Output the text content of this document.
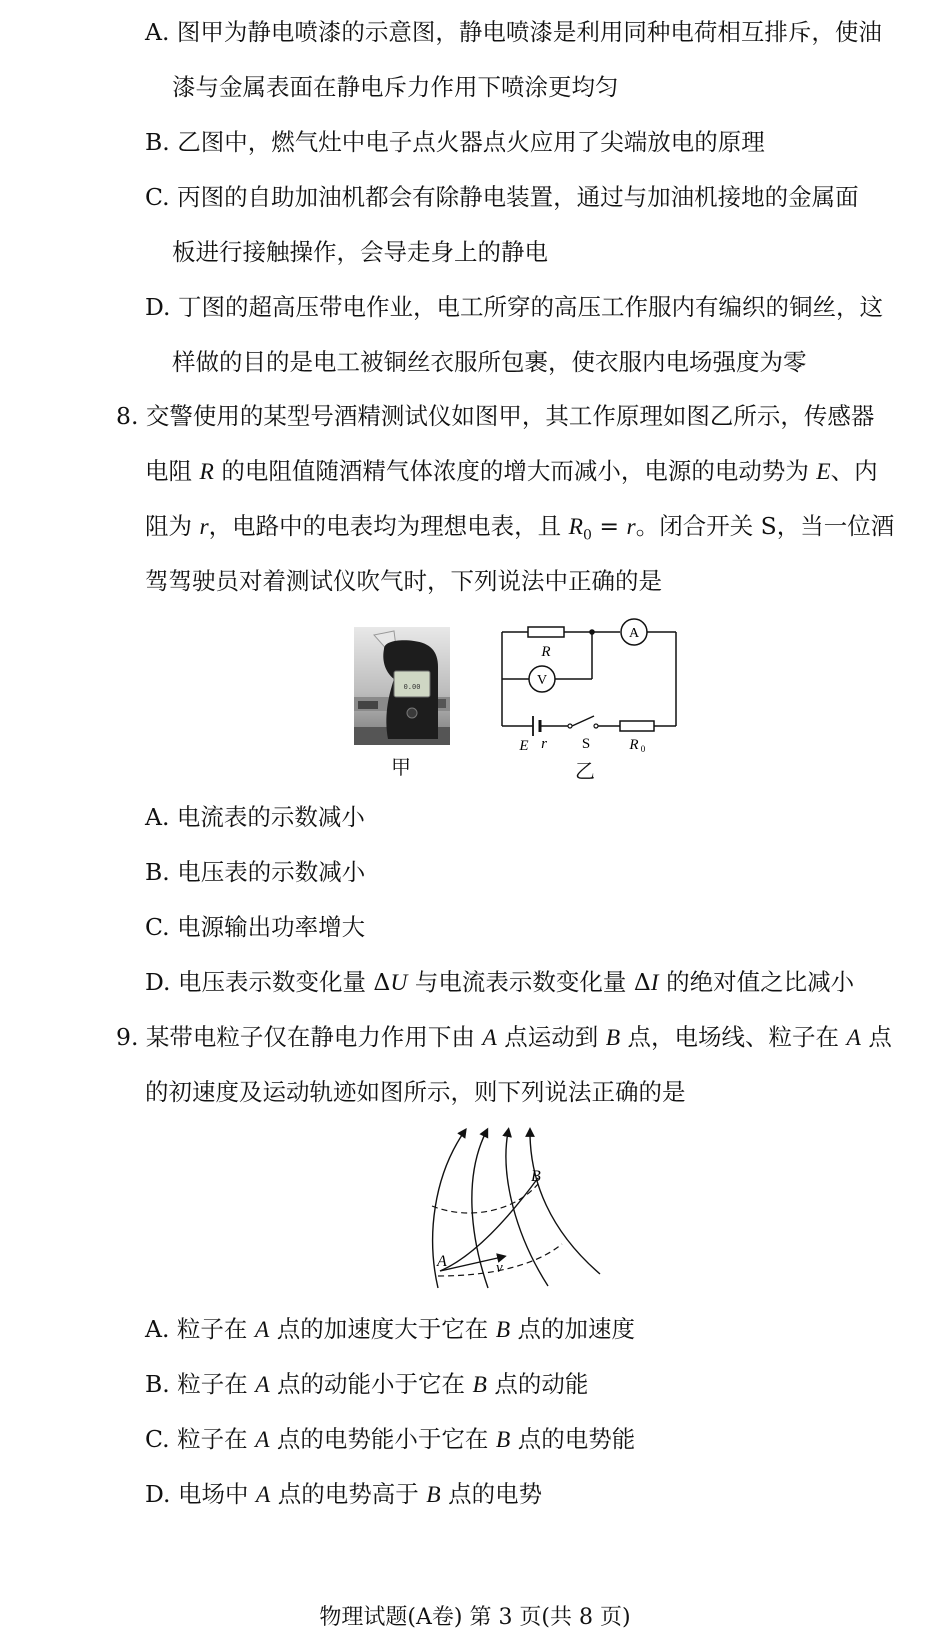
A. 图甲为静电喷漆的示意图，静电喷漆是利用同种电荷相互排斥，使油
漆与金属表面在静电斥力作用下喷涂更均匀
B. 乙图中，燃气灶中电子点火器点火应用了尖端放电的原理
C. 丙图的自助加油机都会有除静电装置，通过与加油机接地的金属面
板进行接触操作，会导走身上的静电
D. 丁图的超高压带电作业，电工所穿的高压工作服内有编织的铜丝，这
样做的目的是电工被铜丝衣服所包裹，使衣服内电场强度为零
8. 交警使用的某型号酒精测试仪如图甲，其工作原理如图乙所示，传感器
电阻 R 的电阻值随酒精气体浓度的增大而减小，电源的电动势为 E、内
阻为 r，电路中的电表均为理想电表，且 $R_0 = r$。闭合开关 S，当一位酒
驾驾驶员对着测试仪吹气时，下列说法中正确的是
0.00
甲
A
V
R
E r S	R 0
乙
A. 电流表的示数减小
B. 电压表的示数减小
C. 电源输出功率增大
D. 电压表示数变化量 ΔU 与电流表示数变化量 ΔI 的绝对值之比减小
9. 某带电粒子仅在静电力作用下由 A 点运动到 B 点，电场线、粒子在 A 点
的初速度及运动轨迹如图所示，则下列说法正确的是
A
B
v
A. 粒子在 A 点的加速度大于它在 B 点的加速度
B. 粒子在 A 点的动能小于它在 B 点的动能
C. 粒子在 A 点的电势能小于它在 B 点的电势能
D. 电场中 A 点的电势高于 B 点的电势
物理试题(A卷) 第 3 页(共 8 页)
